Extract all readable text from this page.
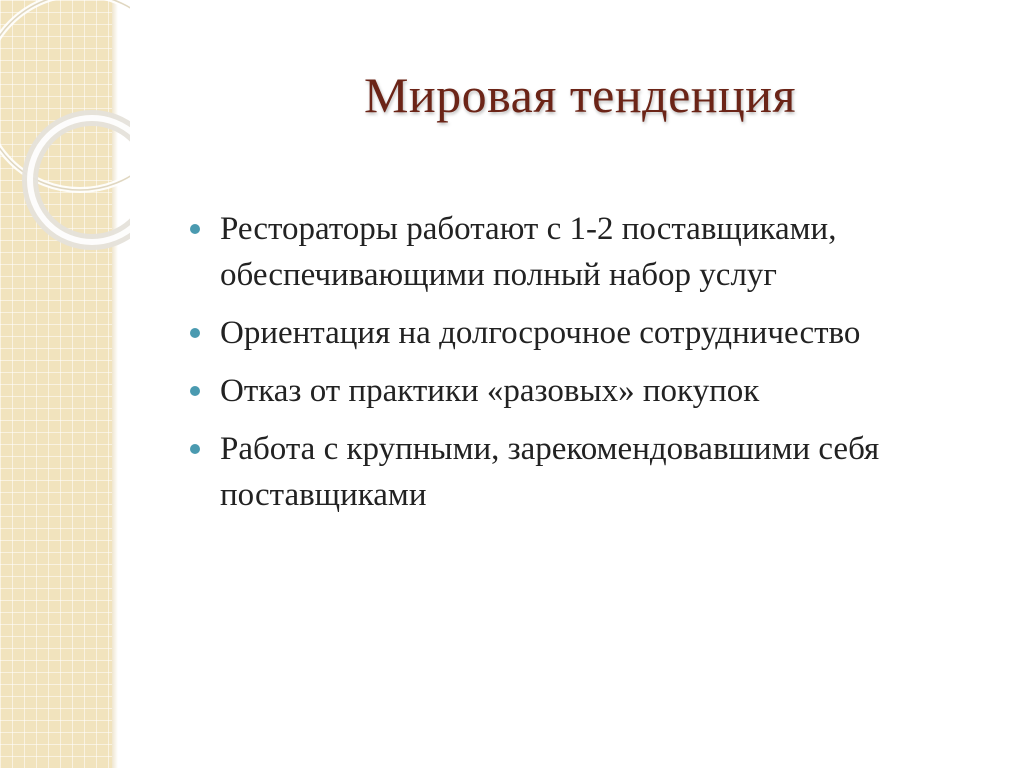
Мировая тенденция
Рестораторы работают с 1-2 поставщиками, обеспечивающими полный набор услуг
Ориентация на долгосрочное сотрудничество
Отказ от практики «разовых» покупок
Работа с крупными, зарекомендовавшими себя поставщиками
